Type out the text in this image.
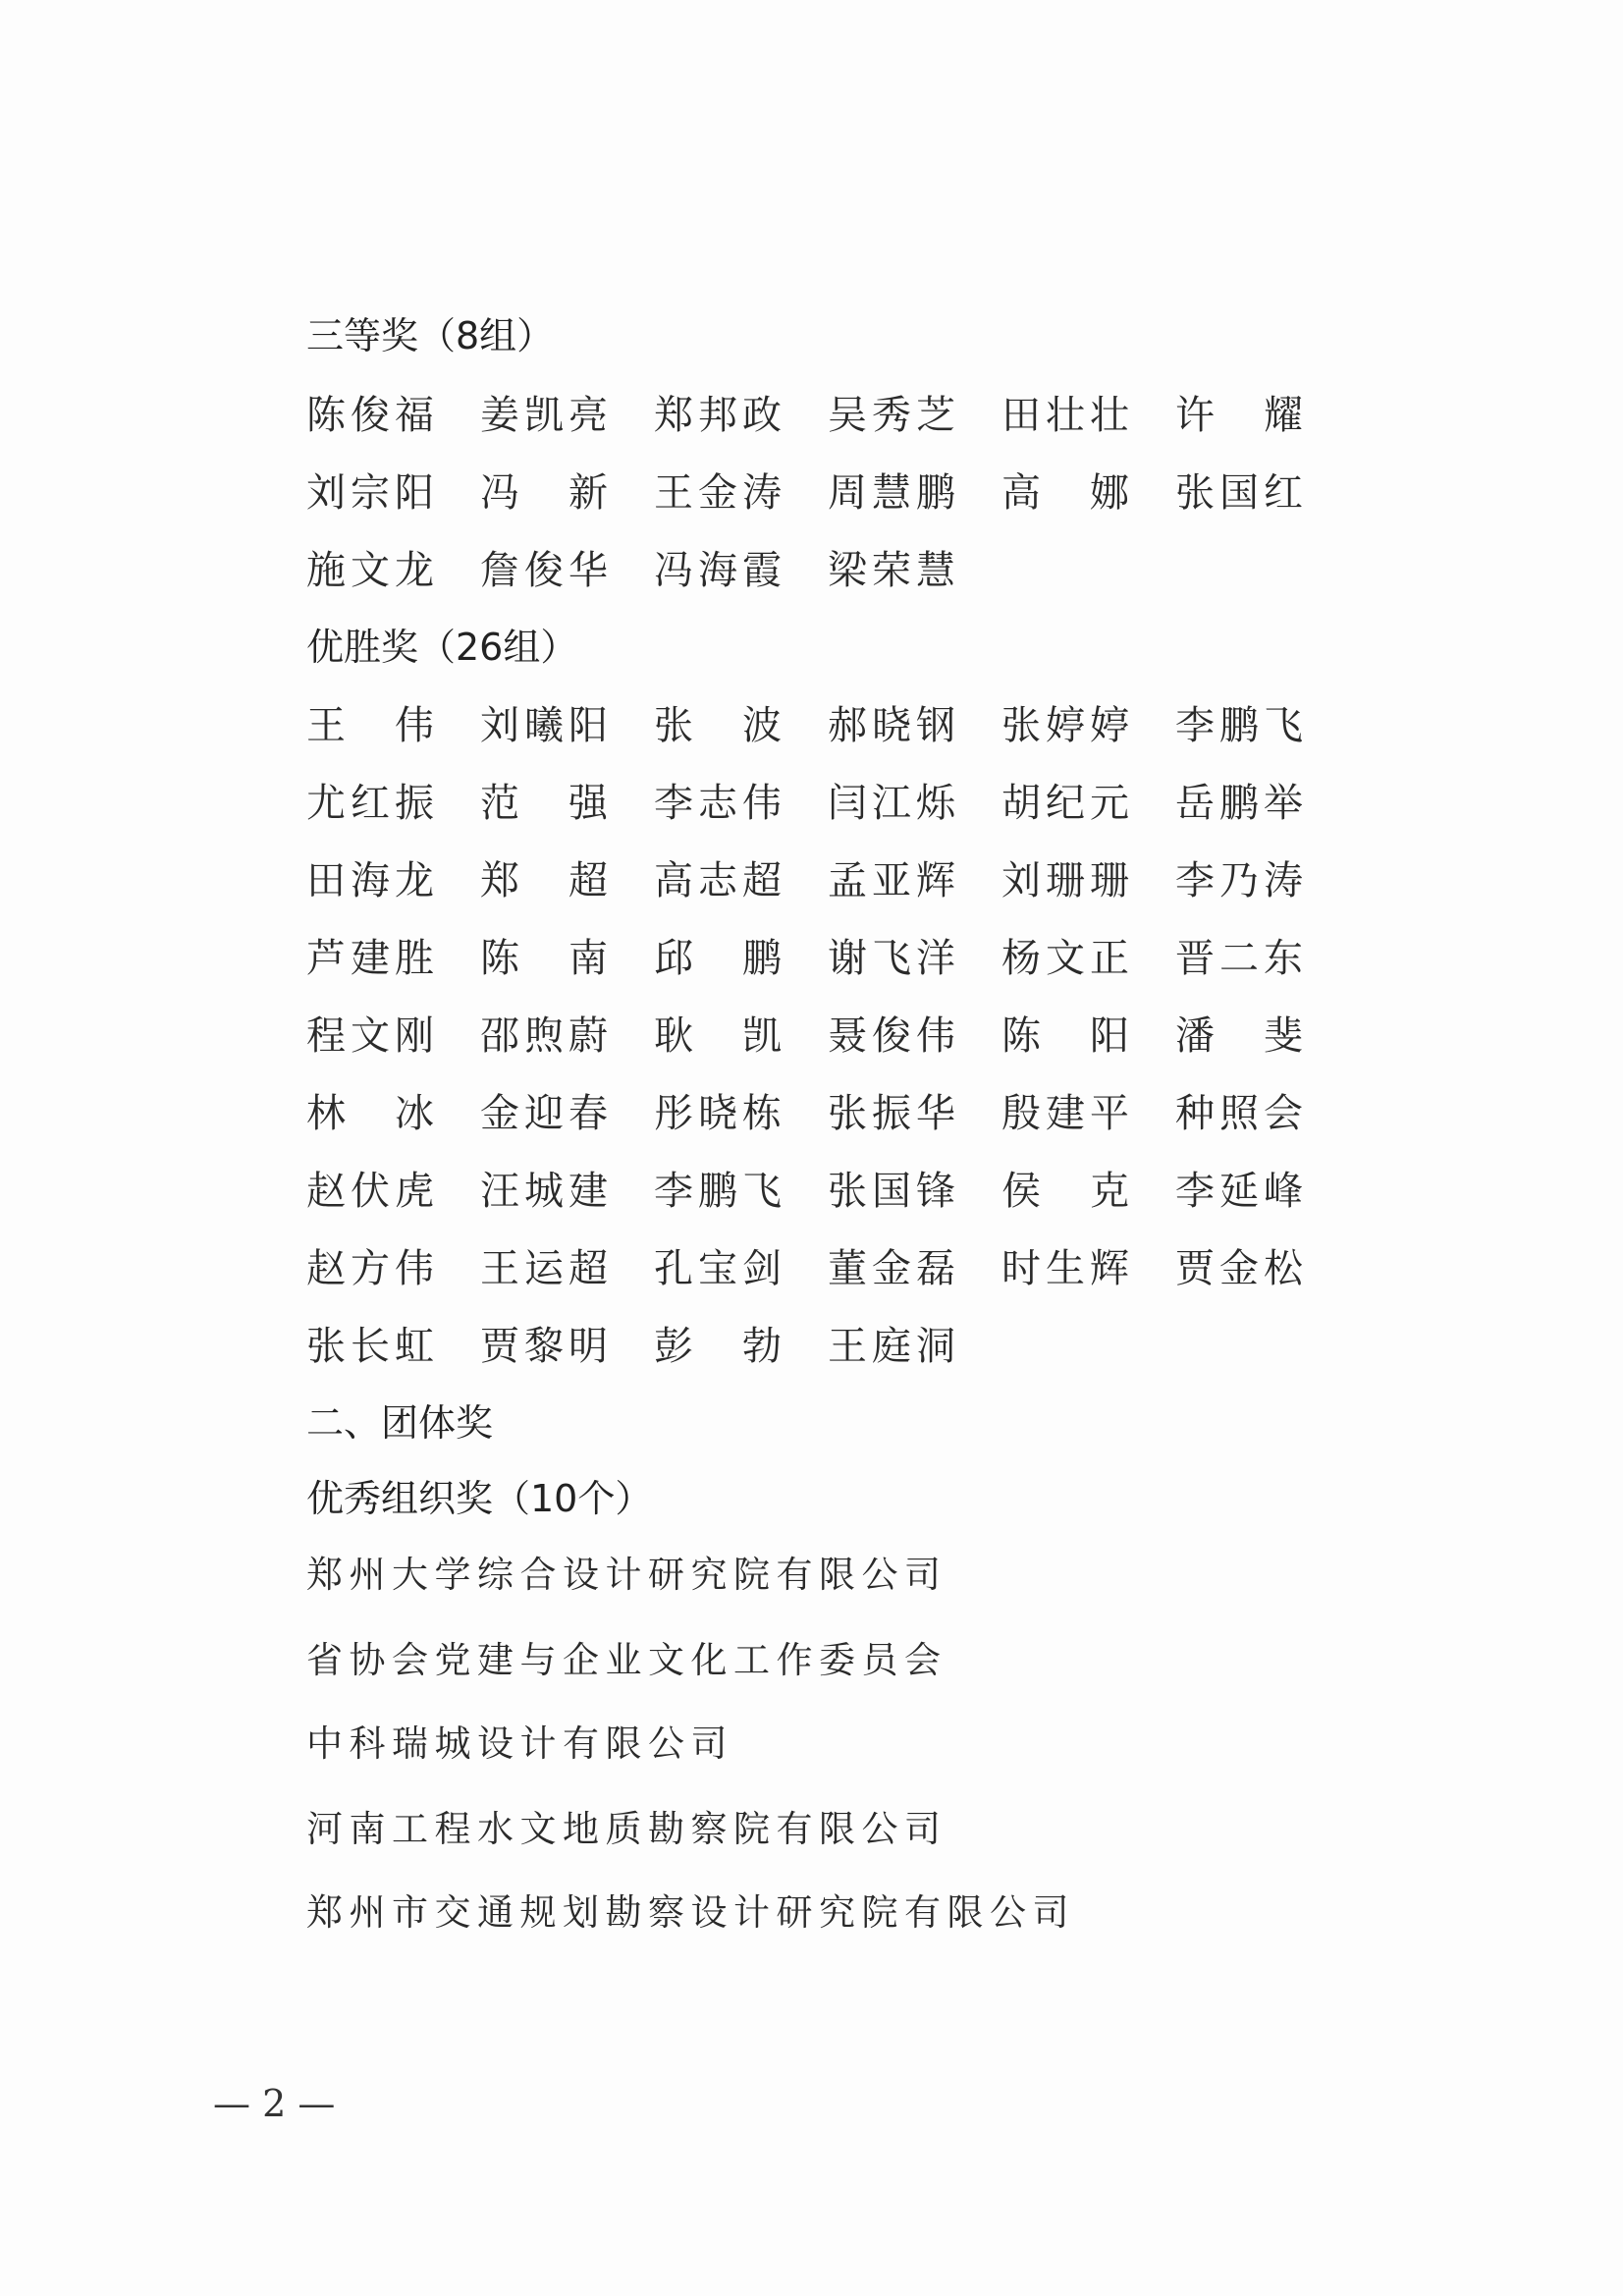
三等奖（8组）
陈俊福 姜凯亮 郑邦政 吴秀芝 田壮壮 许　耀
刘宗阳 冯　新 王金涛 周慧鹏 高　娜 张国红
施文龙 詹俊华 冯海霞 梁荣慧
优胜奖（26组）
王　伟 刘曦阳 张　波 郝晓钢 张婷婷 李鹏飞
尤红振 范　强 李志伟 闫江烁 胡纪元 岳鹏举
田海龙 郑　超 高志超 孟亚辉 刘珊珊 李乃涛
芦建胜 陈　南 邱　鹏 谢飞洋 杨文正 晋二东
程文刚 邵煦蔚 耿　凯 聂俊伟 陈　阳 潘　斐
林　冰 金迎春 彤晓栋 张振华 殷建平 种照会
赵伏虎 汪城建 李鹏飞 张国锋 侯　克 李延峰
赵方伟 王运超 孔宝剑 董金磊 时生辉 贾金松
张长虹 贾黎明 彭　勃 王庭洞
二、团体奖
优秀组织奖（10个）
郑州大学综合设计研究院有限公司
省协会党建与企业文化工作委员会
中科瑞城设计有限公司
河南工程水文地质勘察院有限公司
郑州市交通规划勘察设计研究院有限公司
— 2 —
